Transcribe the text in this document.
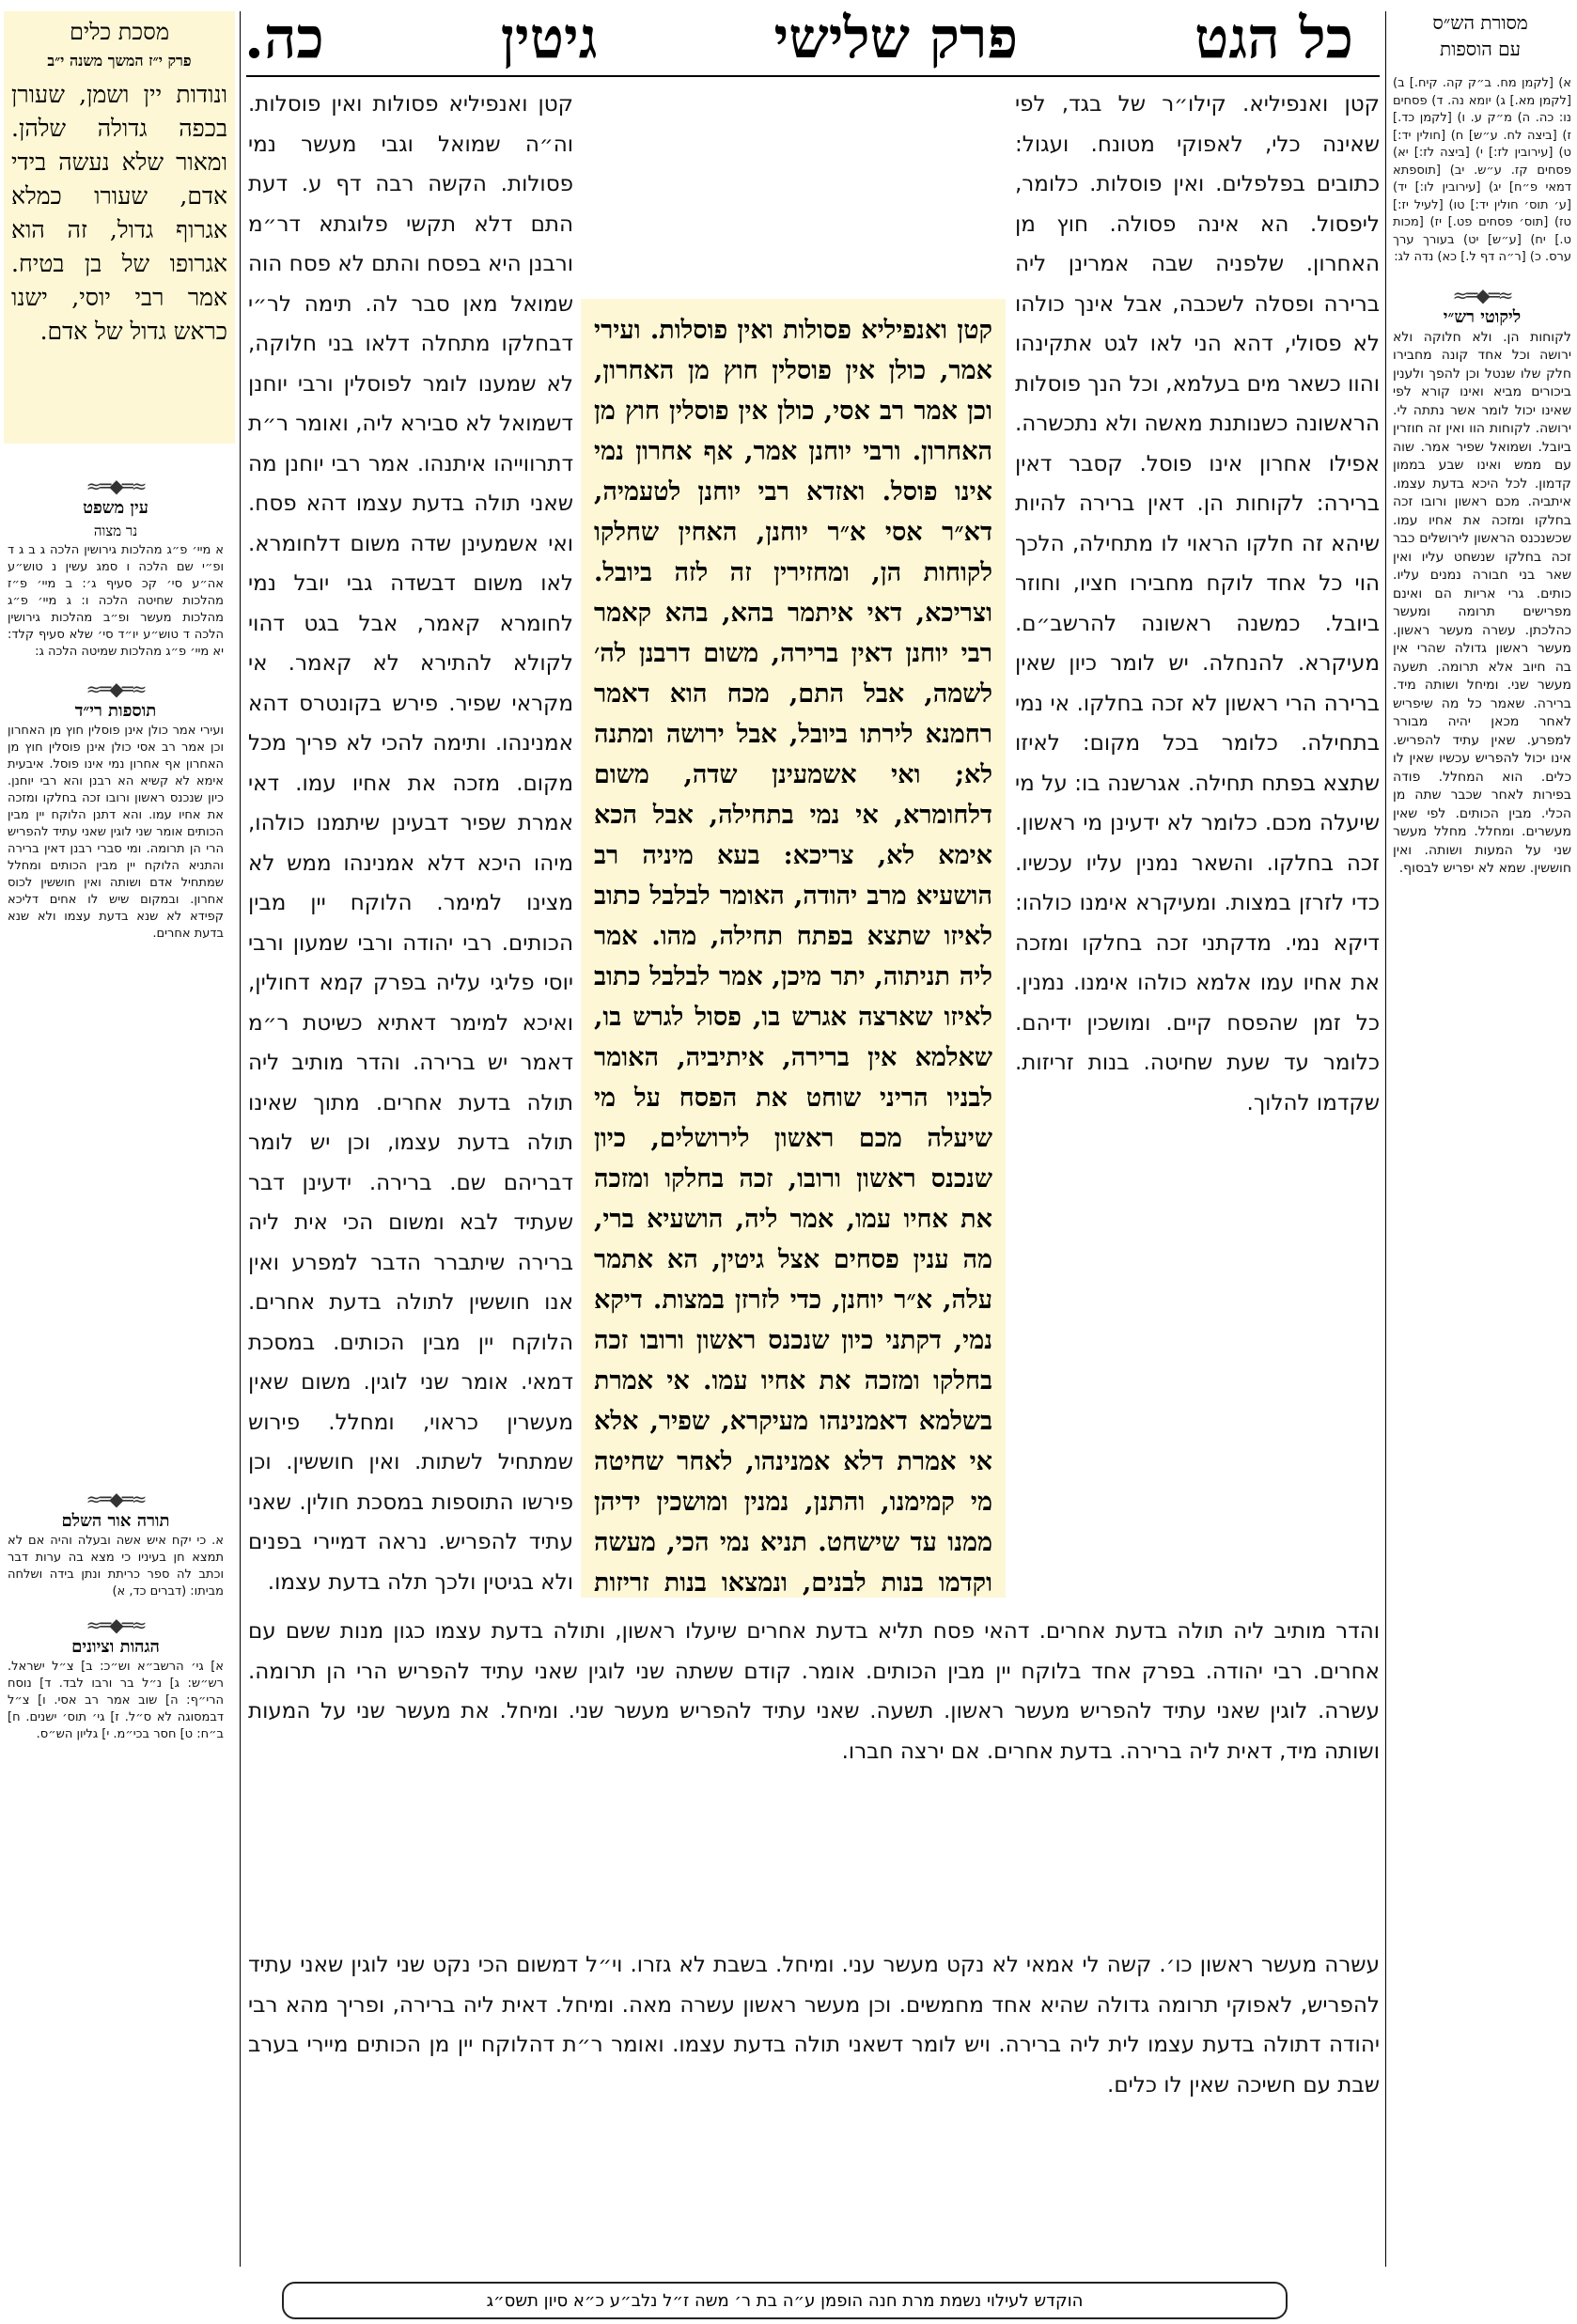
כל הגט
פרק שלישי
גיטין
כה.	מסורת הש״ס
עם הוספות

מסכת כלים

פרק י״ז המשך משנה י״ב

ונודות יין ושמן, שעורן בכפה גדולה שלהן. ומאור שלא נעשה בידי אדם, שעורו כמלא אגרוף גדול, זה הוא אגרופו של בן בטיח. אמר רבי יוסי, ישנו כראש גדול של אדם.
≈═◆═≈

עין משפט

נר מצוה

א מיי׳ פ״ג מהלכות גירושין הלכה ג ב ג ד ופ״י שם הלכה ו סמג עשין נ טוש״ע אה״ע סי׳ קכ סעיף ג׳: ב מיי׳ פ״ז מהלכות שחיטה הלכה ו: ג מיי׳ פ״ג מהלכות מעשר ופ״ב מהלכות גירושין הלכה ד טוש״ע יו״ד סי׳ שלא סעיף קלד: יא מיי׳ פ״ג מהלכות שמיטה הלכה ג:
≈═◆═≈

תוספות רי״ד

ועירי אמר כולן אינן פוסלין חוץ מן האחרון וכן אמר רב אסי כולן אינן פוסלין חוץ מן האחרון אף אחרון נמי אינו פוסל. איבעית אימא לא קשיא הא רבנן והא רבי יוחנן. כיון שנכנס ראשון ורובו זכה בחלקו ומזכה את אחיו עמו. והא דתנן הלוקח יין מבין הכותים אומר שני לוגין שאני עתיד להפריש הרי הן תרומה. ומי סברי רבנן דאין ברירה והתניא הלוקח יין מבין הכותים ומחלל שמתחיל אדם ושותה ואין חוששין לכוס אחרון. ובמקום שיש לו אחים דליכא קפידא לא שנא בדעת עצמו ולא שנא בדעת אחרים.
≈═◆═≈

תורה אור השלם

א. כי יקח איש אשה ובעלה והיה אם לא תמצא חן בעיניו כי מצא בה ערות דבר וכתב לה ספר כריתת ונתן בידה ושלחה מביתו: (דברים כד, א)
≈═◆═≈

הגהות וציונים

א] גי׳ הרשב״א וש״כ: ב] צ״ל ישראל. רש״ש: ג] נ״ל בר ורבו לבד. ד] נוסח הרי״ף: ה] שוב אמר רב אסי. ו] צ״ל דבמסוגה לא ס״ל. ז] גי׳ תוס׳ ישנים. ח] ב״ח: ט] חסר בכי״מ. י] גליון הש״ס.
א) [לקמן מח. ב״ק קה. קיח.] ב) [לקמן מא.] ג) יומא נה. ד) פסחים נו: כה. ה) מ״ק ע. ו) [לקמן כד.] ז) [ביצה לח. ע״ש] ח) [חולין יד:] ט) [עירובין לז:] י) [ביצה לז:] יא) פסחים קז. ע״ש. יב) [תוספתא דמאי פ״ח] יג) [עירובין לו:] יד) [ע׳ תוס׳ חולין יד:] טו) [לעיל יז:] טז) [תוס׳ פסחים פט.] יז) [מכות ט.] יח) [ע״ש] יט) בעורך ערך ערס. כ) [ר״ה דף ל.] כא) נדה לג:
≈═◆═≈

ליקוטי רש״י

לקוחות הן. ולא חלוקה ולא ירושה וכל אחד קונה מחבירו חלק שלו שנטל וכן להפך ולענין ביכורים מביא ואינו קורא לפי שאינו יכול לומר אשר נתתה לי. ירושה. לקוחות הוו ואין זה חוזרין ביובל. ושמואל שפיר אמר. שוה עם ממש ואינו שבע בממון קדמון. לכל היכא בדעת עצמו. איתביה. מכם ראשון ורובו זכה בחלקו ומזכה את אחיו עמו. שכשנכנס הראשון לירושלים כבר זכה בחלקו שנשחט עליו ואין שאר בני חבורה נמנים עליו. כותים. גרי אריות הם ואינם מפרישים תרומה ומעשר כהלכתן. עשרה מעשר ראשון. מעשר ראשון גדולה שהרי אין בה חיוב אלא תרומה. תשעה מעשר שני. ומיחל ושותה מיד. ברירה. שאמר כל מה שיפריש לאחר מכאן יהיה מבורר למפרע. שאין עתיד להפריש. אינו יכול להפריש עכשיו שאין לו כלים. הוא המחלל. פודה בפירות לאחר שכבר שתה מן הכלי. מבין הכותים. לפי שאין מעשרים. ומחלל. מחלל מעשר שני על המעות ושותה. ואין חוששין. שמא לא יפריש לבסוף.
קטן ואנפיליא. קילו״ר של בגד, לפי שאינה כלי, לאפוקי מטונח. ועגול: כתובים בפלפלים. ואין פוסלות. כלומר, ליפסול. הא אינה פסולה. חוץ מן האחרון. שלפניה שבה אמרינן ליה ברירה ופסלה לשכבה, אבל אינך כולהו לא פסולי, דהא הני לאו לגט אתקינהו והוו כשאר מים בעלמא, וכל הנך פוסלות הראשונה כשנותנת מאשה ולא נתכשרה. אפילו אחרון אינו פוסל. קסבר דאין ברירה: לקוחות הן. דאין ברירה להיות שיהא זה חלקו הראוי לו מתחילה, הלכך הוי כל אחד לוקח מחבירו חציו, וחוזר ביובל. כמשנה ראשונה להרשב״ם. מעיקרא. להנחלה. יש לומר כיון שאין ברירה הרי ראשון לא זכה בחלקו. אי נמי בתחילה. כלומר בכל מקום: לאיזו שתצא בפתח תחילה. אגרשנה בו: על מי שיעלה מכם. כלומר לא ידעינן מי ראשון. זכה בחלקו. והשאר נמנין עליו עכשיו. כדי לזרזן במצות. ומעיקרא אימנו כולהו: דיקא נמי. מדקתני זכה בחלקו ומזכה את אחיו עמו אלמא כולהו אימנו. נמנין. כל זמן שהפסח קיים. ומושכין ידיהם. כלומר עד שעת שחיטה. בנות זריזות. שקדמו להלוך.
קטן ואנפיליא פסולות ואין פוסלות. וה״ה שמואל וגבי מעשר נמי פסולות. הקשה רבה דף ע. דעת התם דלא תקשי פלוגתא דר״מ ורבנן היא בפסח והתם לא פסח הוה שמואל מאן סבר לה. תימה לר״י דבחלקו מתחלה דלאו בני חלוקה, לא שמענו לומר לפוסלין ורבי יוחנן דשמואל לא סבירא ליה, ואומר ר״ת דתרווייהו איתנהו. אמר רבי יוחנן מה שאני תולה בדעת עצמו דהא פסח. ואי אשמעינן שדה משום דלחומרא. לאו משום דבשדה גבי יובל נמי לחומרא קאמר, אבל בגט דהוי לקולא להתירא לא קאמר. אי מקראי שפיר. פירש בקונטרס דהא אמנינהו. ותימה להכי לא פריך מכל מקום. מזכה את אחיו עמו. דאי אמרת שפיר דבעינן שיתמנו כולהו, מיהו היכא דלא אמנינהו ממש לא מצינו למימר. הלוקח יין מבין הכותים. רבי יהודה ורבי שמעון ורבי יוסי פליגי עליה בפרק קמא דחולין, ואיכא למימר דאתיא כשיטת ר״מ דאמר יש ברירה. והדר מותיב ליה תולה בדעת אחרים. מתוך שאינו תולה בדעת עצמו, וכן יש לומר דבריהם שם. ברירה. ידעינן דבר שעתיד לבא ומשום הכי אית ליה ברירה שיתברר הדבר למפרע ואין אנו חוששין לתולה בדעת אחרים. הלוקח יין מבין הכותים. במסכת דמאי. אומר שני לוגין. משום שאין מעשרין כראוי, ומחלל. פירוש שמתחיל לשתות. ואין חוששין. וכן פירשו התוספות במסכת חולין. שאני עתיד להפריש. נראה דמיירי בפנים ולא בגיטין ולכך תלה בדעת עצמו.
קטן ואנפיליא פסולות ואין פוסלות. ועירי אמר, כולן אין פוסלין חוץ מן האחרון, וכן אמר רב אסי, כולן אין פוסלין חוץ מן האחרון. ורבי יוחנן אמר, אף אחרון נמי אינו פוסל. ואזדא רבי יוחנן לטעמיה, דא״ר אסי א״ר יוחנן, האחין שחלקו לקוחות הן, ומחזירין זה לזה ביובל. וצריכא, דאי איתמר בהא, בהא קאמר רבי יוחנן דאין ברירה, משום דרבנן לה׳ לשמה, אבל התם, מכח הוא דאמר רחמנא לירתו ביובל, אבל ירושה ומתנה לא; ואי אשמעינן שדה, משום דלחומרא, אי נמי בתחילה, אבל הכא אימא לא, צריכא: בעא מיניה רב הושעיא מרב יהודה, האומר לבלבל כתוב לאיזו שתצא בפתח תחילה, מהו. אמר ליה תניתוה, יתר מיכן, אמר לבלבל כתוב לאיזו שארצה אגרש בו, פסול לגרש בו, שאלמא אין ברירה, איתיביה, האומר לבניו הריני שוחט את הפסח על מי שיעלה מכם ראשון לירושלים, כיון שנכנס ראשון ורובו, זכה בחלקו ומזכה את אחיו עמו, אמר ליה, הושעיא ברי, מה ענין פסחים אצל גיטין, הא אתמר עלה, א״ר יוחנן, כדי לזרזן במצות. דיקא נמי, דקתני כיון שנכנס ראשון ורובו זכה בחלקו ומזכה את אחיו עמו. אי אמרת בשלמא דאמנינהו מעיקרא, שפיר, אלא אי אמרת דלא אמנינהו, לאחר שחיטה מי קמימנו, והתנן, נמנין ומושכין ידיהן ממנו עד שישחט. תניא נמי הכי, מעשה וקדמו בנות לבנים, ונמצאו בנות זריזות
והדר מותיב ליה תולה בדעת אחרים. דהאי פסח תליא בדעת אחרים שיעלו ראשון, ותולה בדעת עצמו כגון מנות ששם עם אחרים. רבי יהודה. בפרק אחד בלוקח יין מבין הכותים. אומר. קודם ששתה שני לוגין שאני עתיד להפריש הרי הן תרומה. עשרה. לוגין שאני עתיד להפריש מעשר ראשון. תשעה. שאני עתיד להפריש מעשר שני. ומיחל. את מעשר שני על המעות ושותה מיד, דאית ליה ברירה. בדעת אחרים. אם ירצה חברו.
עשרה מעשר ראשון כו׳. קשה לי אמאי לא נקט מעשר עני. ומיחל. בשבת לא גזרו. וי״ל דמשום הכי נקט שני לוגין שאני עתיד להפריש, לאפוקי תרומה גדולה שהיא אחד מחמשים. וכן מעשר ראשון עשרה מאה. ומיחל. דאית ליה ברירה, ופריך מהא רבי יהודה דתולה בדעת עצמו לית ליה ברירה. ויש לומר דשאני תולה בדעת עצמו. ואומר ר״ת דהלוקח יין מן הכותים מיירי בערב שבת עם חשיכה שאין לו כלים.
הוקדש לעילוי נשמת מרת חנה הופמן ע״ה בת ר׳ משה ז״ל נלב״ע כ״א סיון תשס״ג
